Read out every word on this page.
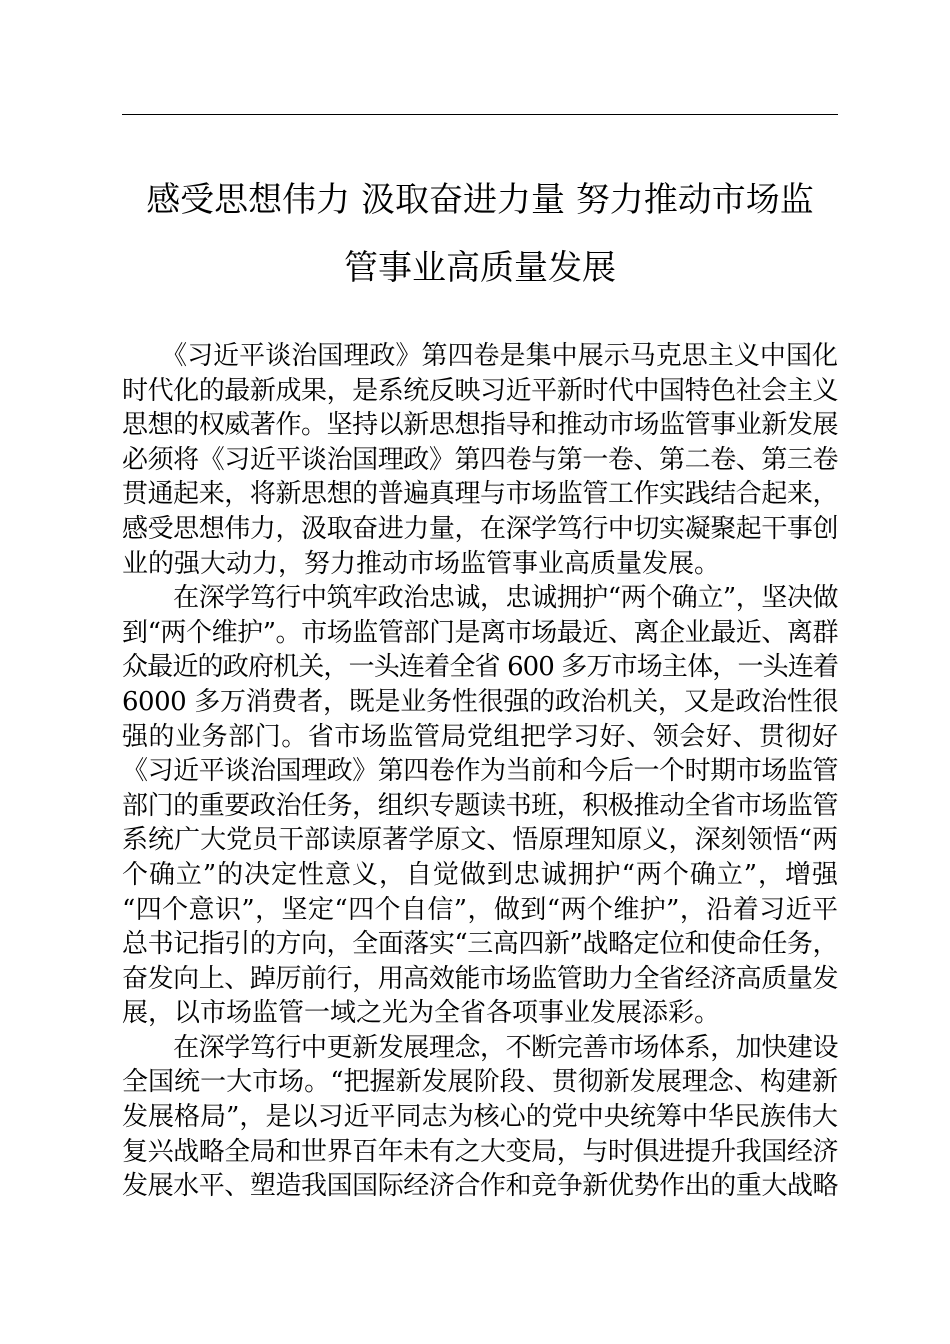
感受思想伟力 汲取奋进力量 努力推动市场监
管事业高质量发展
　　《习近平谈治国理政》第四卷是集中展示马克思主义中国化
时代化的最新成果，是系统反映习近平新时代中国特色社会主义
思想的权威著作。坚持以新思想指导和推动市场监管事业新发展
必须将《习近平谈治国理政》第四卷与第一卷、第二卷、第三卷
贯通起来，将新思想的普遍真理与市场监管工作实践结合起来，
感受思想伟力，汲取奋进力量，在深学笃行中切实凝聚起干事创
业的强大动力，努力推动市场监管事业高质量发展。
　　在深学笃行中筑牢政治忠诚，忠诚拥护“两个确立”，坚决做
到“两个维护”。市场监管部门是离市场最近、离企业最近、离群
众最近的政府机关，一头连着全省 600 多万市场主体，一头连着
6000 多万消费者，既是业务性很强的政治机关，又是政治性很
强的业务部门。省市场监管局党组把学习好、领会好、贯彻好
《习近平谈治国理政》第四卷作为当前和今后一个时期市场监管
部门的重要政治任务，组织专题读书班，积极推动全省市场监管
系统广大党员干部读原著学原文、悟原理知原义，深刻领悟“两
个确立”的决定性意义，自觉做到忠诚拥护“两个确立”，增强
“四个意识”，坚定“四个自信”，做到“两个维护”，沿着习近平
总书记指引的方向，全面落实“三高四新”战略定位和使命任务，
奋发向上、踔厉前行，用高效能市场监管助力全省经济高质量发
展，以市场监管一域之光为全省各项事业发展添彩。
　　在深学笃行中更新发展理念，不断完善市场体系，加快建设
全国统一大市场。“把握新发展阶段、贯彻新发展理念、构建新
发展格局”，是以习近平同志为核心的党中央统筹中华民族伟大
复兴战略全局和世界百年未有之大变局，与时俱进提升我国经济
发展水平、塑造我国国际经济合作和竞争新优势作出的重大战略
